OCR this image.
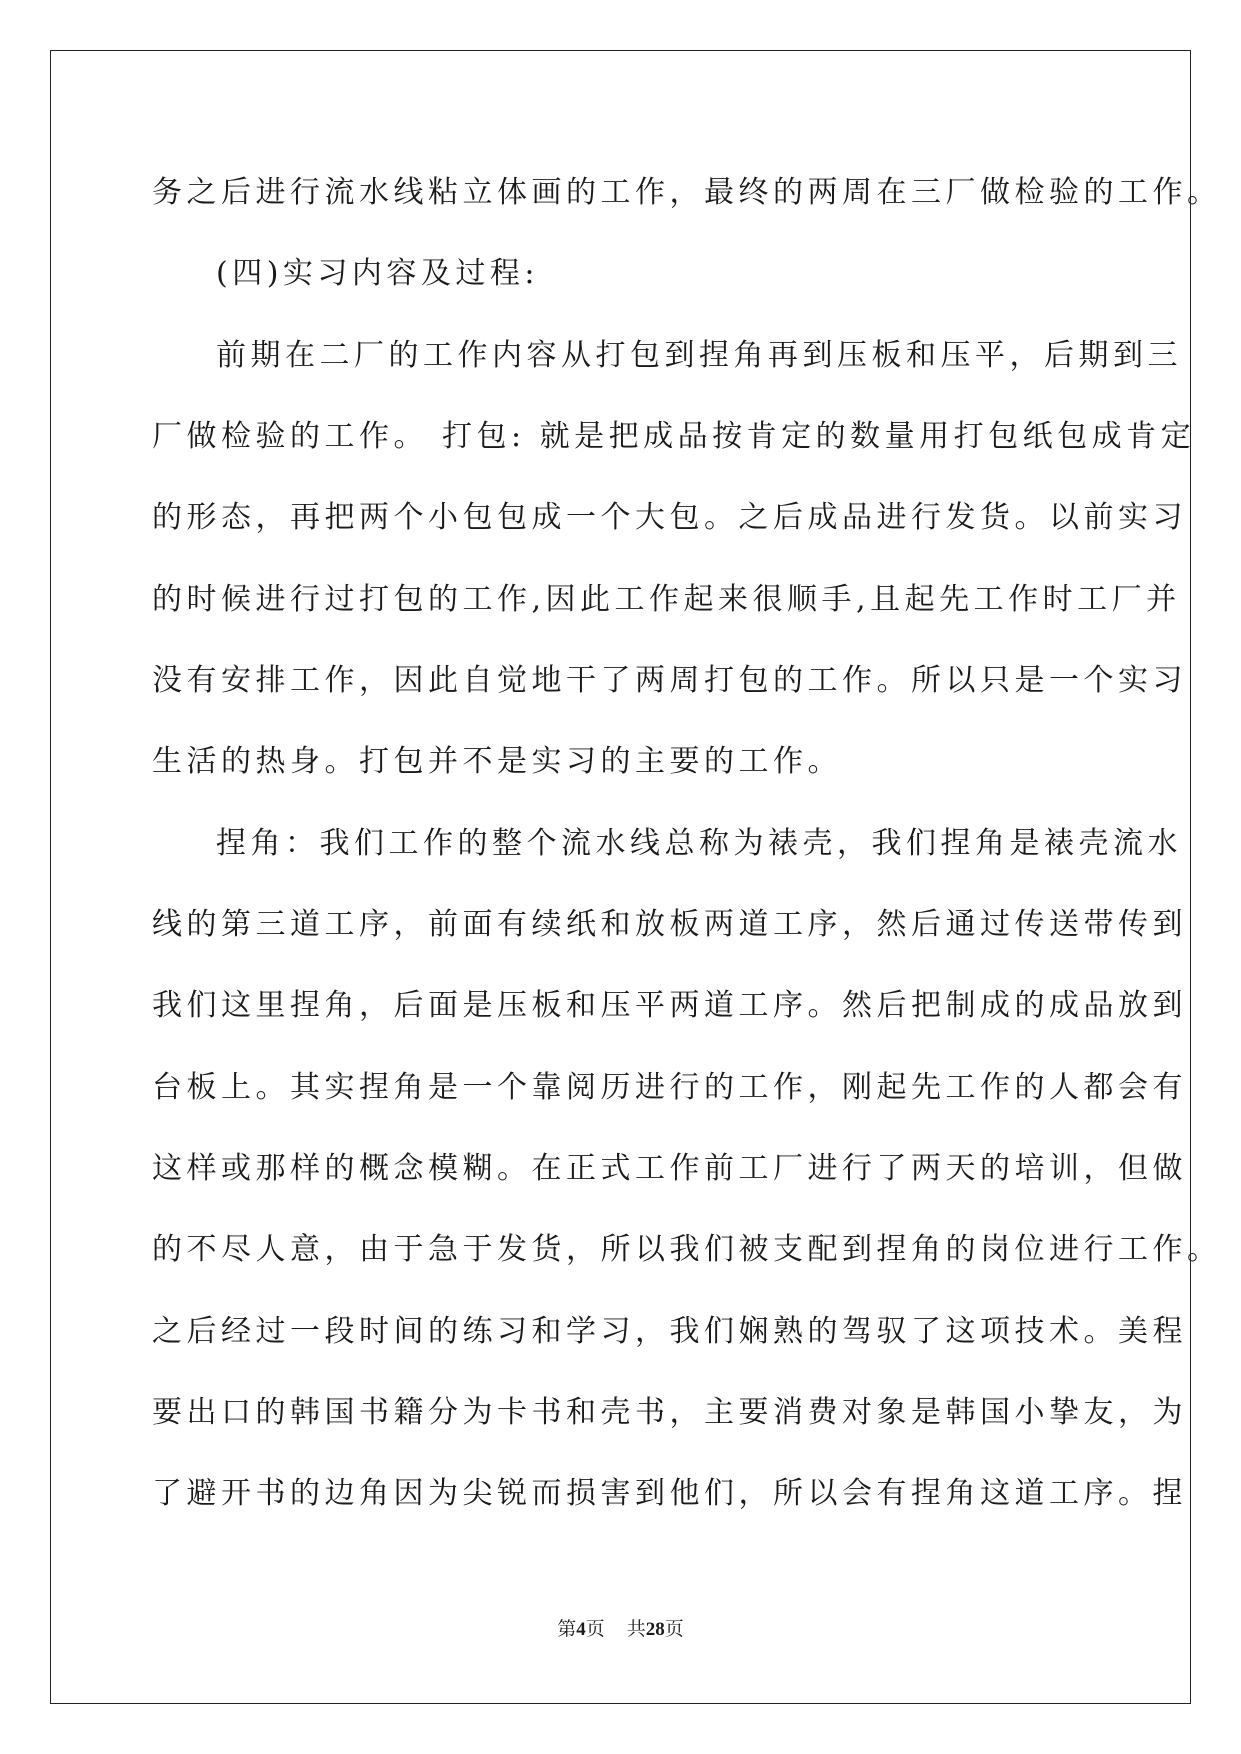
务之后进行流水线粘立体画的工作，最终的两周在三厂做检验的工作。
(四)实习内容及过程:
前期在二厂的工作内容从打包到捏角再到压板和压平，后期到三
厂做检验的工作。 打包: 就是把成品按肯定的数量用打包纸包成肯定
的形态，再把两个小包包成一个大包。之后成品进行发货。以前实习
的时候进行过打包的工作,因此工作起来很顺手,且起先工作时工厂并
没有安排工作，因此自觉地干了两周打包的工作。所以只是一个实习
生活的热身。打包并不是实习的主要的工作。
捏角：我们工作的整个流水线总称为裱壳，我们捏角是裱壳流水
线的第三道工序，前面有续纸和放板两道工序，然后通过传送带传到
我们这里捏角，后面是压板和压平两道工序。然后把制成的成品放到
台板上。其实捏角是一个靠阅历进行的工作，刚起先工作的人都会有
这样或那样的概念模糊。在正式工作前工厂进行了两天的培训，但做
的不尽人意，由于急于发货，所以我们被支配到捏角的岗位进行工作。
之后经过一段时间的练习和学习，我们娴熟的驾驭了这项技术。美程
要出口的韩国书籍分为卡书和壳书，主要消费对象是韩国小挚友，为
了避开书的边角因为尖锐而损害到他们，所以会有捏角这道工序。捏
第4页 共28页
